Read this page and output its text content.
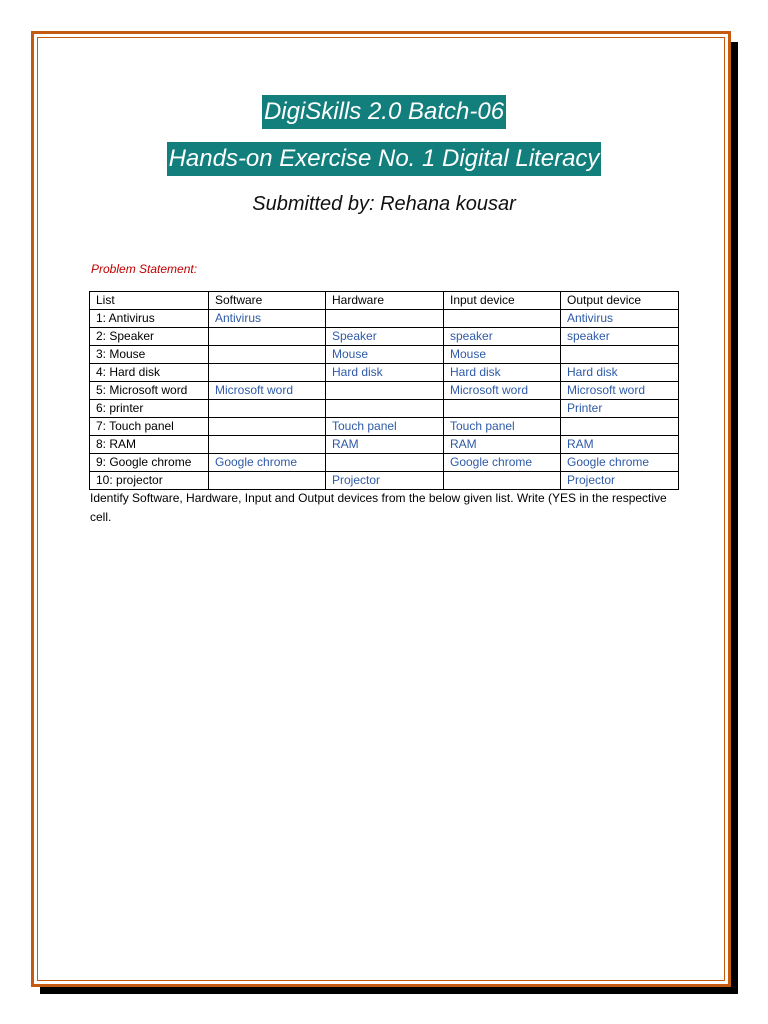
DigiSkills 2.0 Batch-06
Hands-on Exercise No. 1 Digital Literacy
Submitted by: Rehana kousar
Problem Statement:
List	Software	Hardware	Input device	Output device
1: Antivirus	Antivirus			Antivirus
2: Speaker		Speaker	speaker	speaker
3: Mouse		Mouse	Mouse	
4: Hard disk		Hard disk	Hard disk	Hard disk
5: Microsoft word	Microsoft word		Microsoft word	Microsoft word
6: printer				Printer
7: Touch panel		Touch panel	Touch panel	
8: RAM		RAM	RAM	RAM
9: Google chrome	Google chrome		Google chrome	Google chrome
10: projector		Projector		Projector
Identify Software, Hardware, Input and Output devices from the below given list. Write (YES in the respective cell.
